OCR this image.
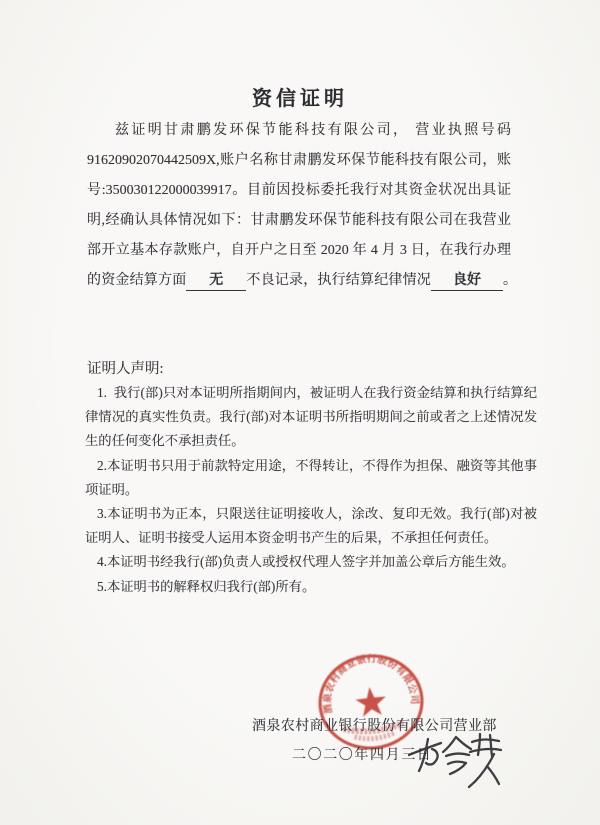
资信证明
兹证明甘肃鹏发环保节能科技有限公司， 营业执照号码
91620902070442509X,账户名称甘肃鹏发环保节能科技有限公司，账
号:350030122000039917。目前因投标委托我行对其资金状况出具证
明,经确认具体情况如下：甘肃鹏发环保节能科技有限公司在我营业
部开立基本存款账户，自开户之日至 2020 年 4 月 3 日，在我行办理
的资金结算方面 无 不良记录，执行结算纪律情况 良好 。

证明人声明:

1.  我行(部)只对本证明所指期间内，被证明人在我行资金结算和执行结算纪律情况的真实性负责。我行(部)对本证明书所指明期间之前或者之上述情况发生的任何变化不承担责任。

2.本证明书只用于前款特定用途，不得转让，不得作为担保、融资等其他事项证明。

3.本证明书为正本，只限送往证明接收人，涂改、复印无效。我行(部)对被证明人、证明书接受人运用本资金明书产生的后果，不承担任何责任。

4.本证明书经我行(部)负责人或授权代理人签字并加盖公章后方能生效。

5.本证明书的解释权归我行(部)所有。

酒泉农村商业银行股份有限公司

酒泉农村商业银行股份有限公司营业部

二〇二〇年四月三日
